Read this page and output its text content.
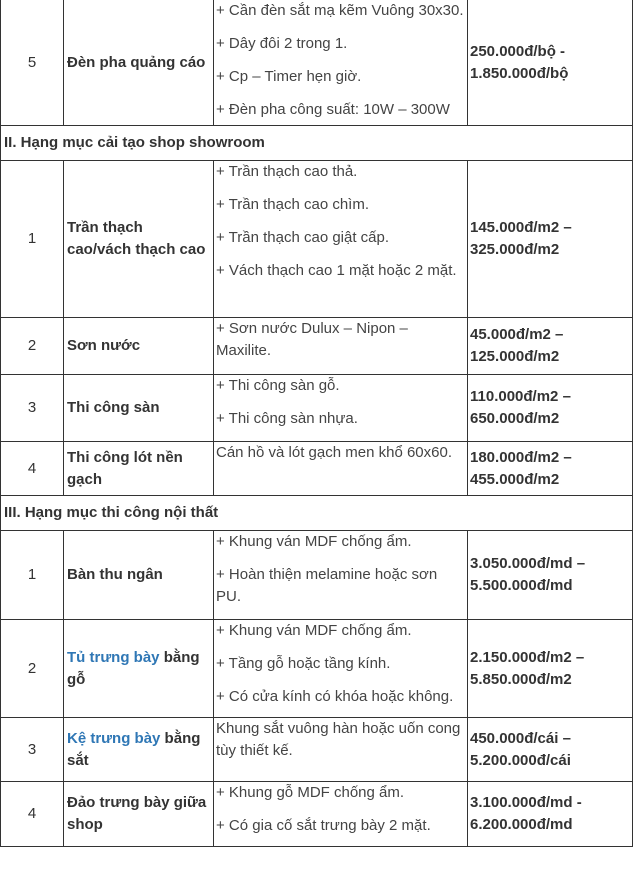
5	Đèn pha quảng cáo	+ Cần đèn sắt mạ kẽm Vuông 30x30.
+ Dây đôi 2 trong 1.
+ Cp – Timer hẹn giờ.
+ Đèn pha công suất: 10W – 300W	250.000đ/bộ -
1.850.000đ/bộ

II. Hạng mục cải tạo shop showroom			
1	Trần thạch cao/vách thạch cao	+ Trần thạch cao thả.
+ Trần thạch cao chìm.
+ Trần thạch cao giật cấp.
+ Vách thạch cao 1 mặt hoặc 2 mặt.	145.000đ/m2 –
325.000đ/m2

2	Sơn nước	+ Sơn nước Dulux – Nipon – Maxilite.	45.000đ/m2 –
125.000đ/m2

3	Thi công sàn	+ Thi công sàn gỗ.
+ Thi công sàn nhựa.	110.000đ/m2 –
650.000đ/m2

4	Thi công lót nền gạch	Cán hồ và lót gạch men khổ 60x60.	180.000đ/m2 –
455.000đ/m2

III. Hạng mục thi công nội thất			
1	Bàn thu ngân	+ Khung ván MDF chống ẩm.
+ Hoàn thiện melamine hoặc sơn PU.	3.050.000đ/md –
5.500.000đ/md

2	Tủ trưng bày bằng gỗ	+ Khung ván MDF chống ẩm.
+ Tầng gỗ hoặc tầng kính.
+ Có cửa kính có khóa hoặc không.	2.150.000đ/m2 –
5.850.000đ/m2

3	Kệ trưng bày bằng sắt	Khung sắt vuông hàn hoặc uốn cong tùy thiết kế.	450.000đ/cái –
5.200.000đ/cái

4	Đảo trưng bày giữa shop	+ Khung gỗ MDF chống ẩm.
+ Có gia cố sắt trưng bày 2 mặt.	3.100.000đ/md -
6.200.000đ/md
